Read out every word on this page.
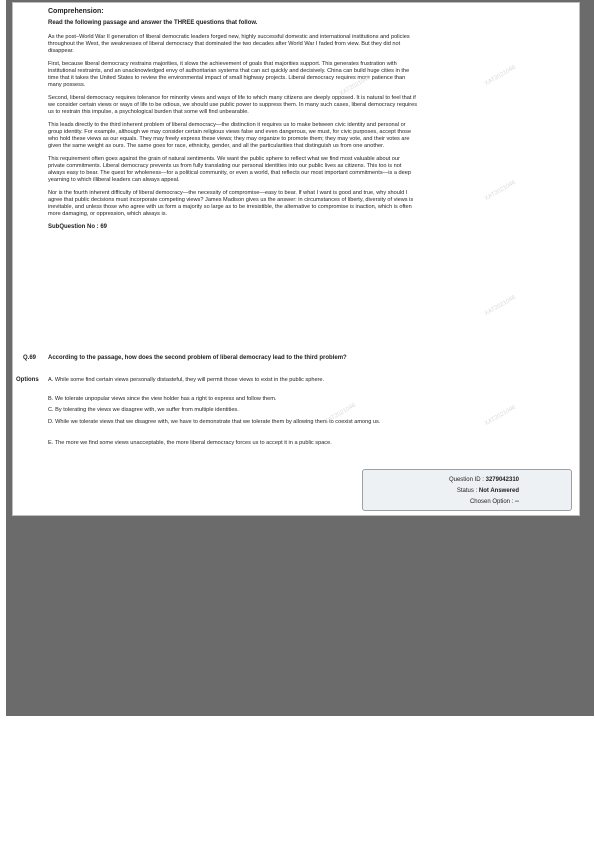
Comprehension:
Read the following passage and answer the THREE questions that follow.

As the post–World War II generation of liberal democratic leaders forged new, highly successful domestic and international institutions and policies throughout the West, the weaknesses of liberal democracy that dominated the two decades after World War I faded from view. But they did not disappear.

First, because liberal democracy restrains majorities, it slows the achievement of goals that majorities support. This generates frustration with institutional restraints, and an unacknowledged envy of authoritarian systems that can act quickly and decisively. China can build huge cities in the time that it takes the United States to review the environmental impact of small highway projects. Liberal democracy requires more patience than many possess.

Second, liberal democracy requires tolerance for minority views and ways of life to which many citizens are deeply opposed. It is natural to feel that if we consider certain views or ways of life to be odious, we should use public power to suppress them. In many such cases, liberal democracy requires us to restrain this impulse, a psychological burden that some will find unbearable.

This leads directly to the third inherent problem of liberal democracy—the distinction it requires us to make between civic identity and personal or group identity. For example, although we may consider certain religious views false and even dangerous, we must, for civic purposes, accept those who hold these views as our equals. They may freely express these views; they may organize to promote them; they may vote, and their votes are given the same weight as ours. The same goes for race, ethnicity, gender, and all the particularities that distinguish us from one another.

This requirement often goes against the grain of natural sentiments. We want the public sphere to reflect what we find most valuable about our private commitments. Liberal democracy prevents us from fully translating our personal identities into our public lives as citizens. This too is not always easy to bear. The quest for wholeness—for a political community, or even a world, that reflects our most important commitments—is a deep yearning to which illiberal leaders can always appeal.

Nor is the fourth inherent difficulty of liberal democracy—the necessity of compromise—easy to bear. If what I want is good and true, why should I agree that public decisions must incorporate competing views? James Madison gives us the answer: in circumstances of liberty, diversity of views is inevitable, and unless those who agree with us form a majority so large as to be irresistible, the alternative to compromise is inaction, which is often more damaging, or oppression, which always is.

SubQuestion No : 69
Q.69 According to the passage, how does the second problem of liberal democracy lead to the third problem?
Options A. While some find certain views personally distasteful, they will permit those views to exist in the public sphere.
B. We tolerate unpopular views since the view holder has a right to express and follow them.
C. By tolerating the views we disagree with, we suffer from multiple identities.
D. While we tolerate views that we disagree with, we have to demonstrate that we tolerate them by allowing them to coexist among us.
E. The more we find some views unacceptable, the more liberal democracy forces us to accept it in a public space.
Question ID : 3279042310
Status : Not Answered
Chosen Option : --
XAT2021046
XAT2021046
XAT2021046
XAT2021046
XAT2021046
XAT2021046
